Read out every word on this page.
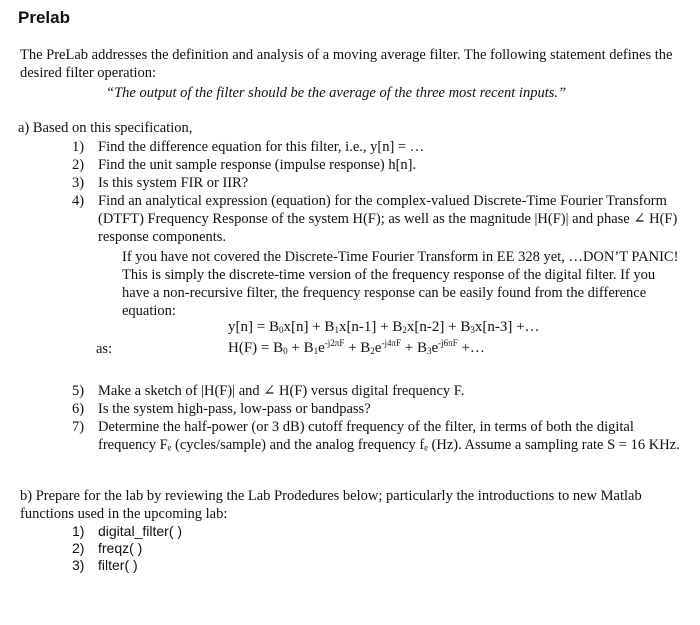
Prelab

The PreLab addresses the definition and analysis of a moving average filter. The following statement defines the desired filter operation:

“The output of the filter should be the average of the three most recent inputs.”

a) Based on this specification,

1) Find the difference equation for this filter, i.e., y[n] = …
2) Find the unit sample response (impulse response) h[n].
3) Is this system FIR or IIR?
4) Find an analytical expression (equation) for the complex-valued Discrete-Time Fourier Transform (DTFT) Frequency Response of the system H(F); as well as the magnitude |H(F)| and phase ∠ H(F) response components.

If you have not covered the Discrete-Time Fourier Transform in EE 328 yet, …DON’T PANIC! This is simply the discrete-time version of the frequency response of the digital filter. If you have a non-recursive filter, the frequency response can be easily found from the difference equation:

$y[n] = B_0x[n] + B_1x[n-1] + B_2x[n-2] + B_3x[n-3]$ +…

as:	$H(F) = B_0 + B_1e^{-j2\pi F} + B_2e^{-j4\pi F} + B_3e^{-j6\pi F}$ +…

5) Make a sketch of |H(F)| and ∠ H(F) versus digital frequency F.
6) Is the system high-pass, low-pass or bandpass?
7) Determine the half-power (or 3 dB) cutoff frequency of the filter, in terms of both the digital frequency Fₑ (cycles/sample) and the analog frequency fₑ (Hz). Assume a sampling rate S = 16 KHz.

b) Prepare for the lab by reviewing the Lab Prodedures below; particularly the introductions to new Matlab functions used in the upcoming lab:

1) digital_filter( )
2) freqz( )
3) filter( )
